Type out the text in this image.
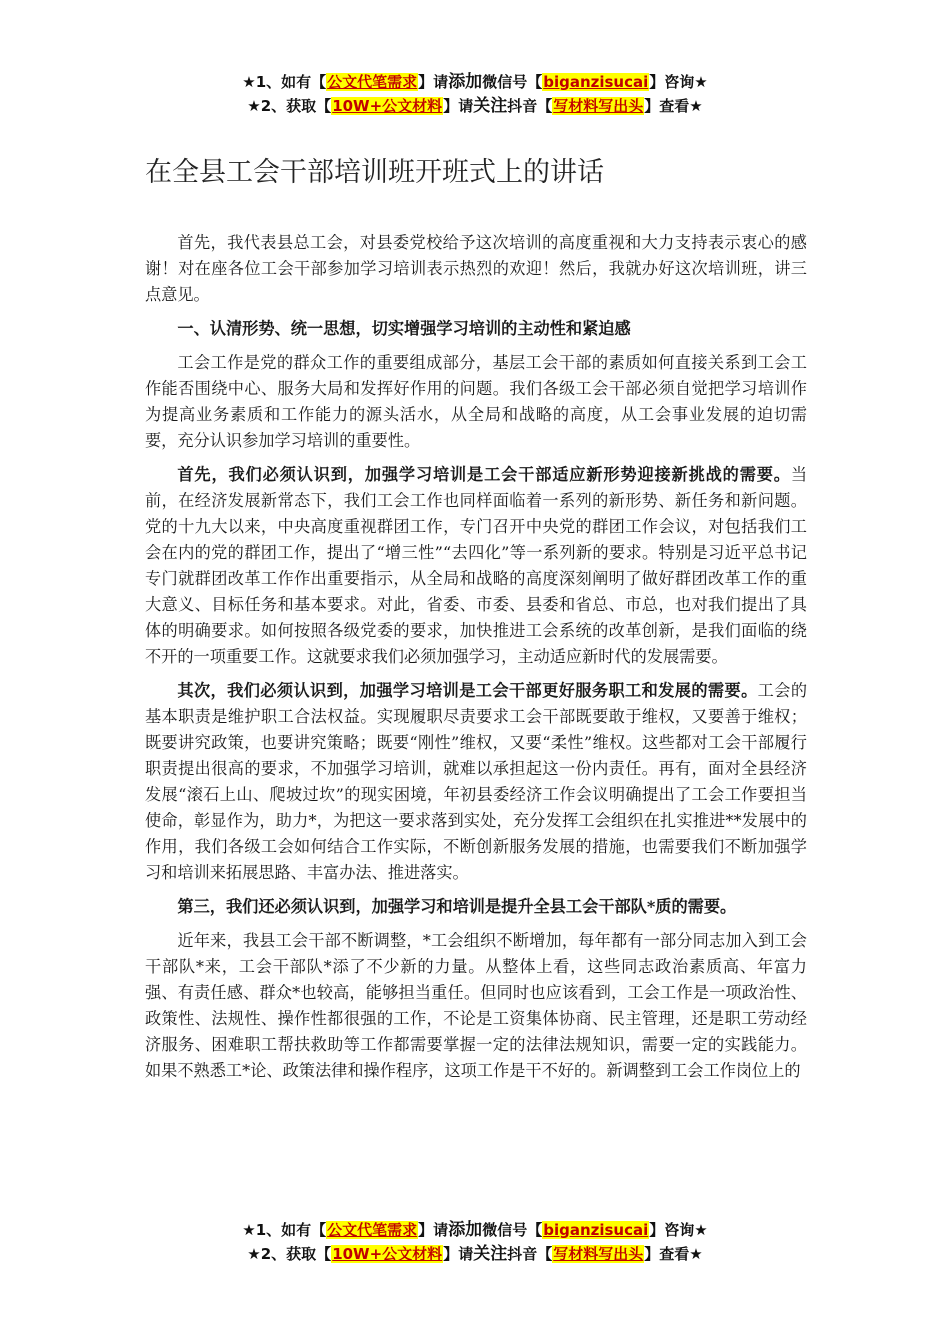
★1、如有【公文代笔需求】请添加微信号【biganzisucai】咨询★
★2、获取【10W+公文材料】请关注抖音【写材料写出头】查看★
在全县工会干部培训班开班式上的讲话

首先，我代表县总工会，对县委党校给予这次培训的高度重视和大力支持表示衷心的感谢！对在座各位工会干部参加学习培训表示热烈的欢迎！然后，我就办好这次培训班，讲三点意见。

一、认清形势、统一思想，切实增强学习培训的主动性和紧迫感

工会工作是党的群众工作的重要组成部分，基层工会干部的素质如何直接关系到工会工作能否围绕中心、服务大局和发挥好作用的问题。我们各级工会干部必须自觉把学习培训作为提高业务素质和工作能力的源头活水，从全局和战略的高度，从工会事业发展的迫切需要，充分认识参加学习培训的重要性。

首先，我们必须认识到，加强学习培训是工会干部适应新形势迎接新挑战的需要。当前，在经济发展新常态下，我们工会工作也同样面临着一系列的新形势、新任务和新问题。党的十九大以来，中央高度重视群团工作，专门召开中央党的群团工作会议，对包括我们工会在内的党的群团工作，提出了“增三性”“去四化”等一系列新的要求。特别是习近平总书记专门就群团改革工作作出重要指示，从全局和战略的高度深刻阐明了做好群团改革工作的重大意义、目标任务和基本要求。对此，省委、市委、县委和省总、市总，也对我们提出了具体的明确要求。如何按照各级党委的要求，加快推进工会系统的改革创新，是我们面临的绕不开的一项重要工作。这就要求我们必须加强学习，主动适应新时代的发展需要。

其次，我们必须认识到，加强学习培训是工会干部更好服务职工和发展的需要。工会的基本职责是维护职工合法权益。实现履职尽责要求工会干部既要敢于维权，又要善于维权；既要讲究政策，也要讲究策略；既要“刚性”维权，又要“柔性”维权。这些都对工会干部履行职责提出很高的要求，不加强学习培训，就难以承担起这一份内责任。再有，面对全县经济发展“滚石上山、爬坡过坎”的现实困境，年初县委经济工作会议明确提出了工会工作要担当使命，彰显作为，助力*，为把这一要求落到实处，充分发挥工会组织在扎实推进**发展中的作用，我们各级工会如何结合工作实际，不断创新服务发展的措施，也需要我们不断加强学习和培训来拓展思路、丰富办法、推进落实。

第三，我们还必须认识到，加强学习和培训是提升全县工会干部队*质的需要。

近年来，我县工会干部不断调整，*工会组织不断增加，每年都有一部分同志加入到工会干部队*来，工会干部队*添了不少新的力量。从整体上看，这些同志政治素质高、年富力强、有责任感、群众*也较高，能够担当重任。但同时也应该看到，工会工作是一项政治性、政策性、法规性、操作性都很强的工作，不论是工资集体协商、民主管理，还是职工劳动经济服务、困难职工帮扶救助等工作都需要掌握一定的法律法规知识，需要一定的实践能力。如果不熟悉工*论、政策法律和操作程序，这项工作是干不好的。新调整到工会工作岗位上的

★1、如有【公文代笔需求】请添加微信号【biganzisucai】咨询★
★2、获取【10W+公文材料】请关注抖音【写材料写出头】查看★
